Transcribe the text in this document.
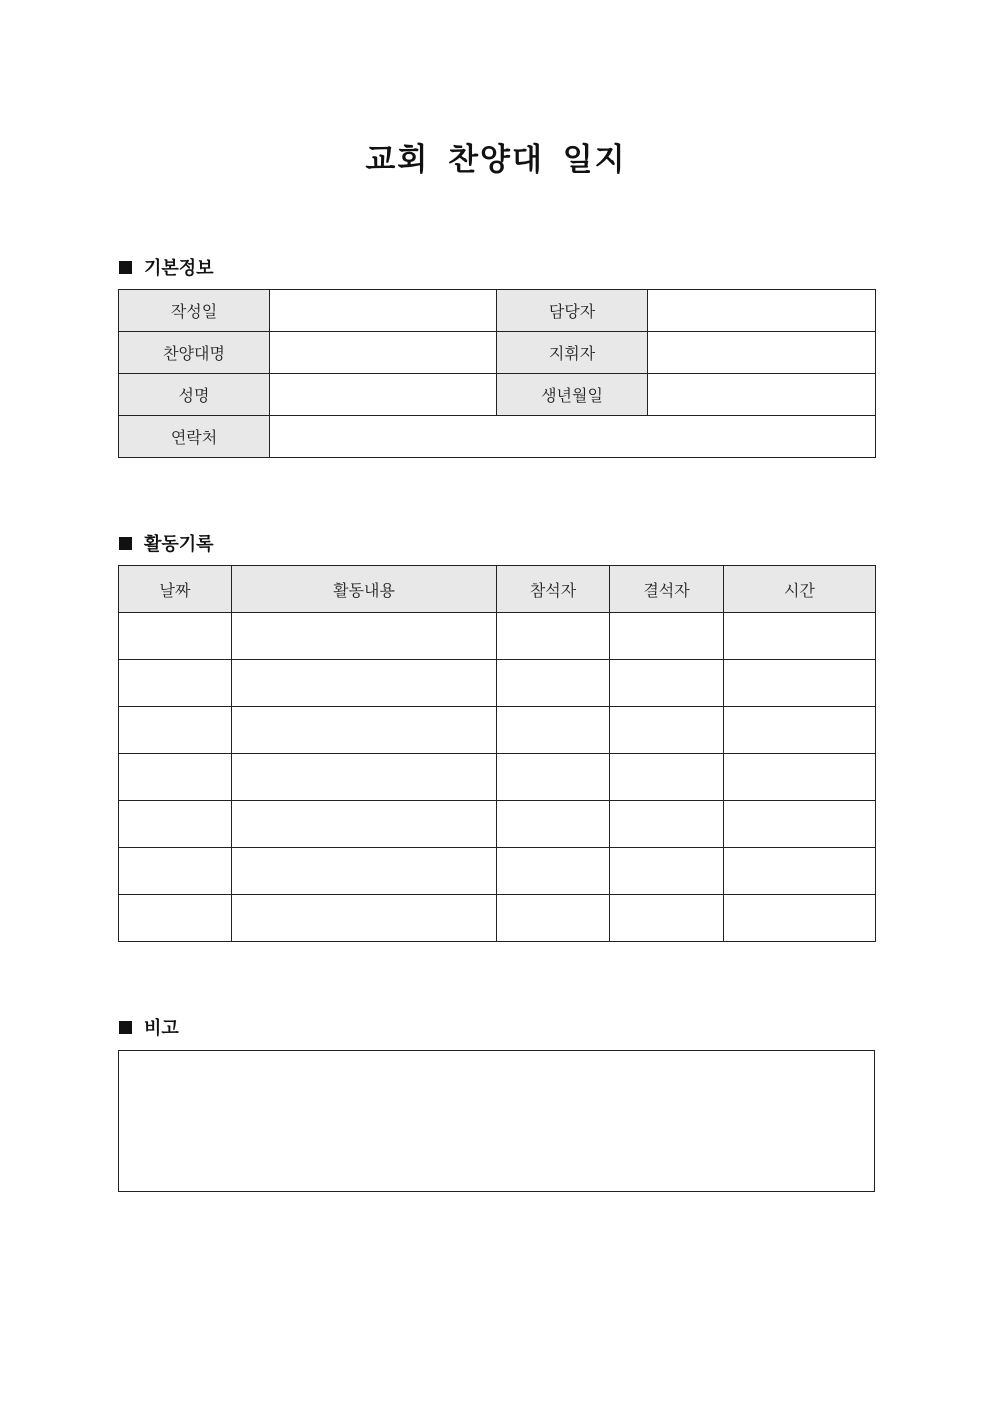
교회 찬양대 일지
기본정보
작성일		담당자	
찬양대명		지휘자	
성명		생년월일	
연락처			
활동기록
날짜	활동내용	참석자	결석자	시간

비고
